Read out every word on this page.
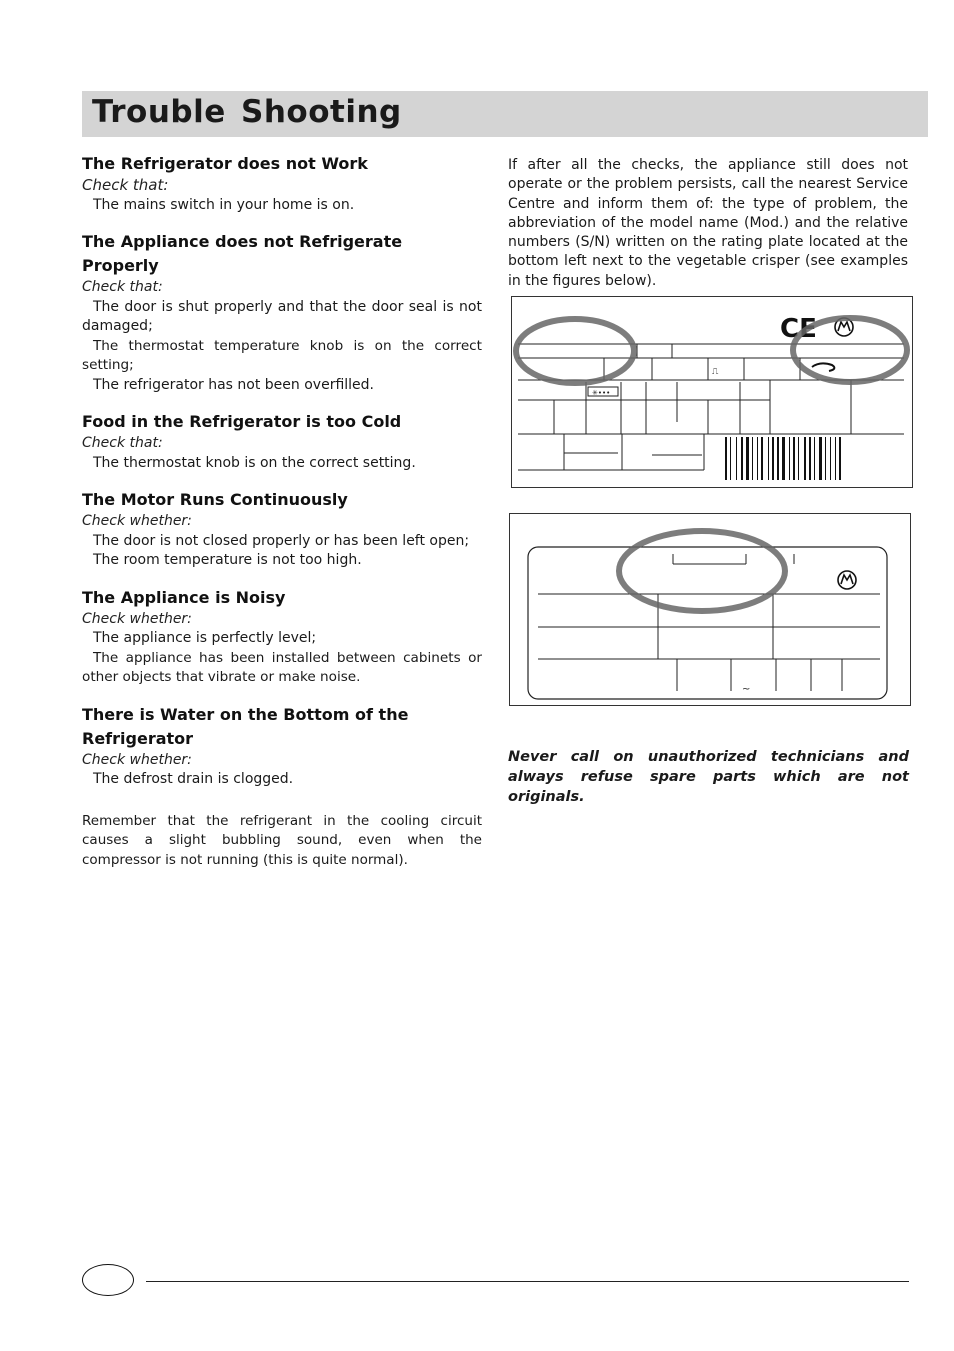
Trouble Shooting
The Refrigerator does not Work
Check that:

The mains switch in your home is on.

The Appliance does not Refrigerate Properly
Check that:

The door is shut properly and that the door seal is not damaged;

The thermostat temperature knob is on the correct setting;

The refrigerator has not been overfilled.

Food in the Refrigerator is too Cold
Check that:

The thermostat knob is on the correct setting.

The Motor Runs Continuously
Check whether:

The door is not closed properly or has been left open;

The room temperature is not too high.

The Appliance is Noisy
Check whether:

The appliance is perfectly level;

The appliance has been installed between cabinets or other objects that vibrate or make noise.

There is Water on the Bottom of the Refrigerator
Check whether:

The defrost drain is clogged.

Remember that the refrigerant in the cooling circuit causes a slight bubbling sound, even when the compressor is not running (this is quite normal).

If after all the checks, the appliance still does not operate or the problem persists, call the nearest Service Centre and inform them of: the type of problem, the abbreviation of the model name (Mod.) and the relative numbers (S/N) written on the rating plate located at the bottom left next to the vegetable crisper (see examples in the figures below).

✳•••
⎍
CE
~
Never call on unauthorized technicians and always refuse spare parts which are not originals.
